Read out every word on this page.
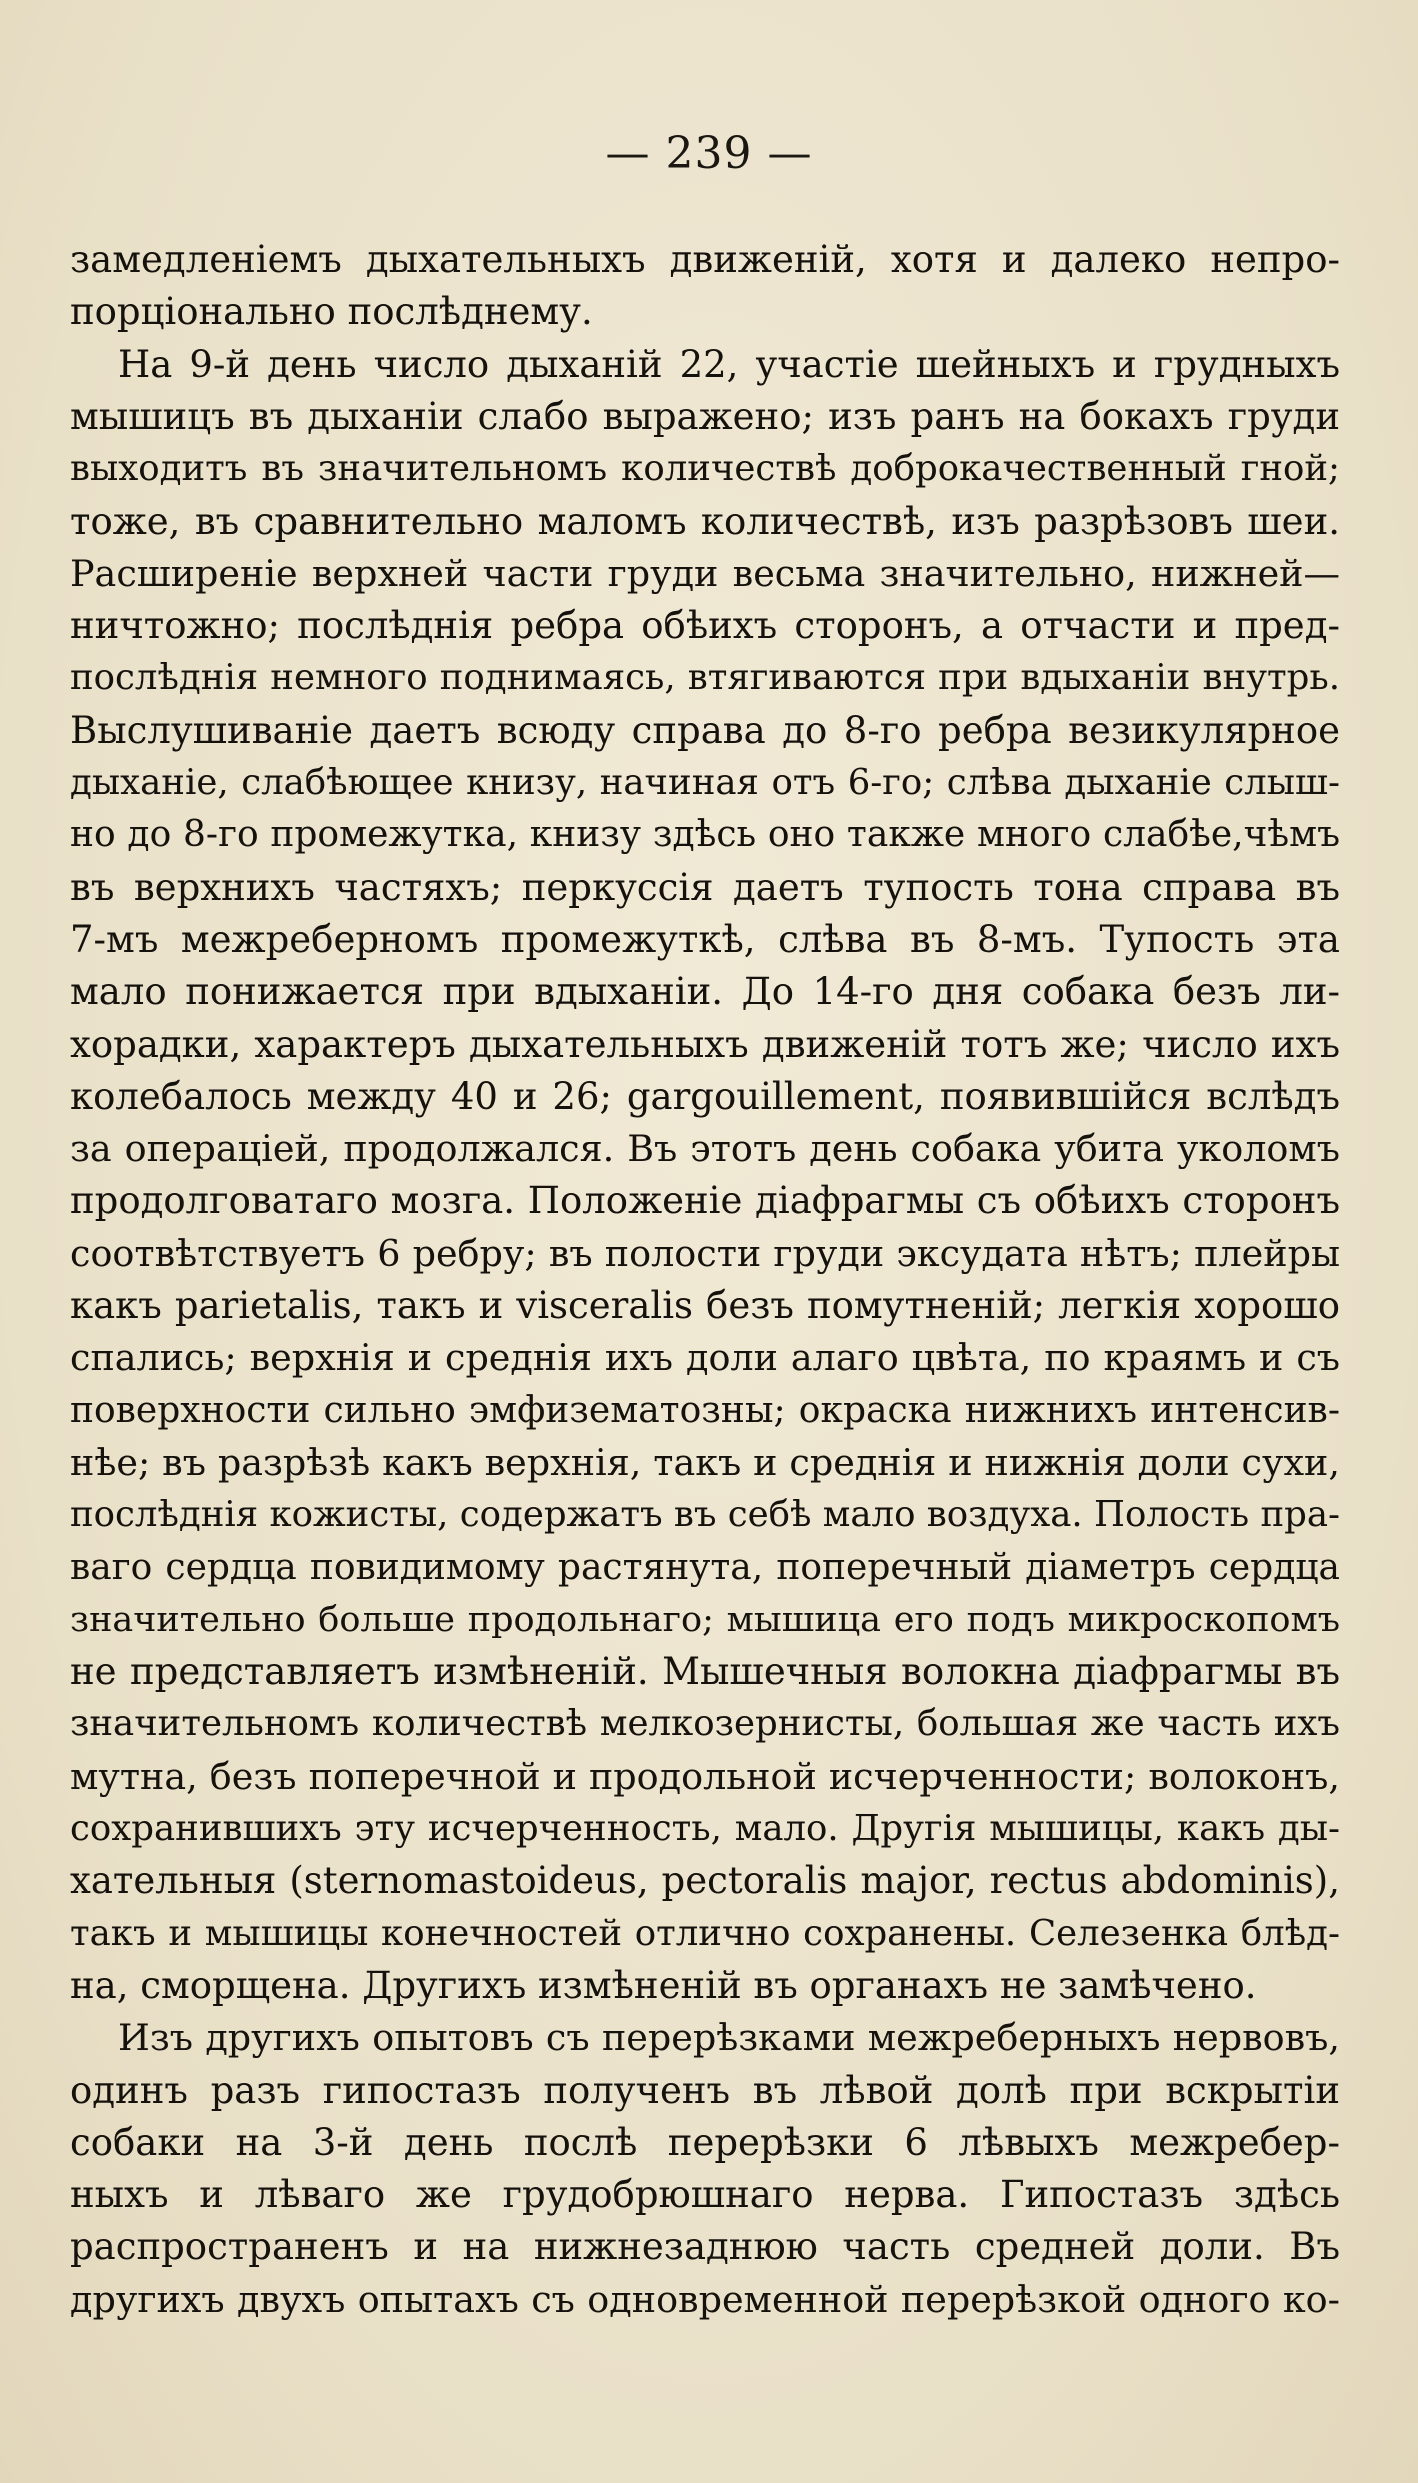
— 239 —
замедленіемъ дыхательныхъ движеній, хотя и далеко непро-
порціонально послѣднему.
На 9-й день число дыханій 22, участіе шейныхъ и грудныхъ
мышицъ въ дыханіи слабо выражено; изъ ранъ на бокахъ груди
выходитъ въ значительномъ количествѣ доброкачественный гной;
тоже, въ сравнительно маломъ количествѣ, изъ разрѣзовъ шеи.
Расширеніе верхней части груди весьма значительно, нижней—
ничтожно; послѣднія ребра обѣихъ сторонъ, а отчасти и пред-
послѣднія немного поднимаясь, втягиваются при вдыханіи внутрь.
Выслушиваніе даетъ всюду справа до 8-го ребра везикулярное
дыханіе, слабѣющее книзу, начиная отъ 6-го; слѣва дыханіе слыш-
но до 8-го промежутка, книзу здѣсь оно также много слабѣе,чѣмъ
въ верхнихъ частяхъ; перкуссія даетъ тупость тона справа въ
7-мъ межреберномъ промежуткѣ, слѣва въ 8-мъ. Тупость эта
мало понижается при вдыханіи. До 14-го дня собака безъ ли-
хорадки, характеръ дыхательныхъ движеній тотъ же; число ихъ
колебалось между 40 и 26; gargouillement, появившійся вслѣдъ
за операціей, продолжался. Въ этотъ день собака убита уколомъ
продолговатаго мозга. Положеніе діафрагмы съ обѣихъ сторонъ
соотвѣтствуетъ 6 ребру; въ полости груди эксудата нѣтъ; плейры
какъ parietalis, такъ и visceralis безъ помутненій; легкія хорошо
спались; верхнія и среднія ихъ доли алаго цвѣта, по краямъ и съ
поверхности сильно эмфизематозны; окраска нижнихъ интенсив-
нѣе; въ разрѣзѣ какъ верхнія, такъ и среднія и нижнія доли сухи,
послѣднія кожисты, содержатъ въ себѣ мало воздуха. Полость пра-
ваго сердца повидимому растянута, поперечный діаметръ сердца
значительно больше продольнаго; мышица его подъ микроскопомъ
не представляетъ измѣненій. Мышечныя волокна діафрагмы въ
значительномъ количествѣ мелкозернисты, большая же часть ихъ
мутна, безъ поперечной и продольной исчерченности; волоконъ,
сохранившихъ эту исчерченность, мало. Другія мышицы, какъ ды-
хательныя (sternomastoideus, pectoralis major, rectus abdominis),
такъ и мышицы конечностей отлично сохранены. Селезенка блѣд-
на, сморщена. Другихъ измѣненій въ органахъ не замѣчено.
Изъ другихъ опытовъ съ перерѣзками межреберныхъ нервовъ,
одинъ разъ гипостазъ полученъ въ лѣвой долѣ при вскрытіи
собаки на 3-й день послѣ перерѣзки 6 лѣвыхъ межребер-
ныхъ и лѣваго же грудобрюшнаго нерва. Гипостазъ здѣсь
распространенъ и на нижнезаднюю часть средней доли. Въ
другихъ двухъ опытахъ съ одновременной перерѣзкой одного ко-
